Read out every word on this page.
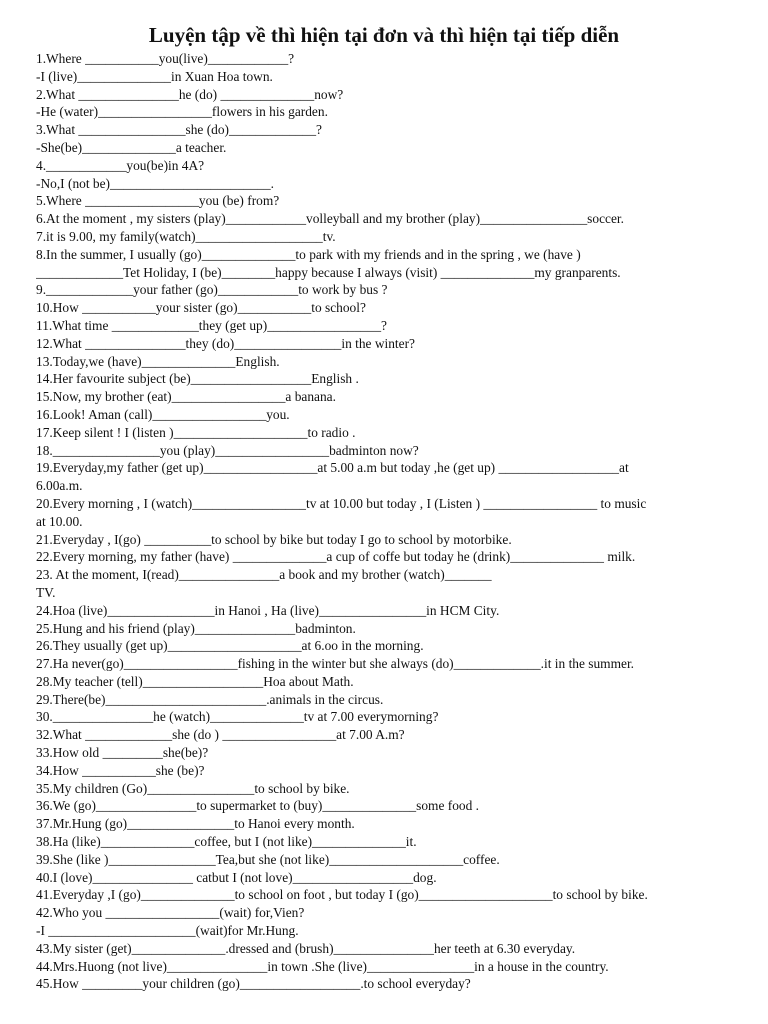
Luyện tập về thì hiện tại đơn và thì hiện tại tiếp diễn
1.Where ___________you(live)____________?
-I (live)______________in Xuan Hoa town.
2.What _______________he (do) ______________now?
-He (water)_________________flowers in his garden.
3.What ________________she (do)_____________?
-She(be)______________a teacher.
4.____________you(be)in 4A?
-No,I (not be)________________________.
5.Where _________________you (be) from?
6.At the moment , my sisters (play)____________volleyball and my brother (play)________________soccer.
7.it is 9.00, my family(watch)___________________tv.
8.In the summer, I usually (go)______________to park with my friends and in the spring , we (have )
_____________Tet Holiday, I (be)________happy because I always (visit) ______________my granparents.
9._____________your father (go)____________to work by bus ?
10.How ___________your sister (go)___________to school?
11.What time _____________they (get up)_________________?
12.What _______________they (do)________________in the winter?
13.Today,we (have)______________English.
14.Her favourite subject (be)__________________English .
15.Now, my brother (eat)_________________a banana.
16.Look! Aman (call)_________________you.
17.Keep silent ! I (listen )____________________to radio .
18.________________you (play)_________________badminton now?
19.Everyday,my father (get up)_________________at 5.00 a.m but today ,he (get up) __________________at
6.00a.m.
20.Every morning , I (watch)_________________tv at 10.00 but today , I (Listen ) _________________ to music
at 10.00.
21.Everyday , I(go) __________to school by bike but today I go to school by motorbike.
22.Every morning, my father (have) ______________a cup of coffe but today he (drink)______________ milk.
23. At the moment, I(read)_______________a book and my brother (watch)_______
TV.
24.Hoa (live)________________in Hanoi , Ha (live)________________in HCM City.
25.Hung and his friend (play)_______________badminton.
26.They usually (get up)____________________at 6.oo in the morning.
27.Ha never(go)_________________fishing in the winter but she always (do)_____________.it in the summer.
28.My teacher (tell)__________________Hoa about Math.
29.There(be)________________________.animals in the circus.
30._______________he (watch)______________tv at 7.00 everymorning?
32.What _____________she (do ) _________________at 7.00 A.m?
33.How old _________she(be)?
34.How ___________she (be)?
35.My children (Go)________________to school by bike.
36.We (go)_______________to supermarket to (buy)______________some food .
37.Mr.Hung (go)________________to Hanoi every month.
38.Ha (like)______________coffee, but I (not like)______________it.
39.She (like )________________Tea,but she (not like)____________________coffee.
40.I (love)_______________ catbut I (not love)__________________dog.
41.Everyday ,I (go)______________to school on foot , but today I (go)____________________to school by bike.
42.Who you _________________(wait) for,Vien?
-I ______________________(wait)for Mr.Hung.
43.My sister (get)______________.dressed and (brush)_______________her teeth at 6.30 everyday.
44.Mrs.Huong (not live)_______________in town .She (live)________________in a house in the country.
45.How _________your children (go)__________________.to school everyday?
